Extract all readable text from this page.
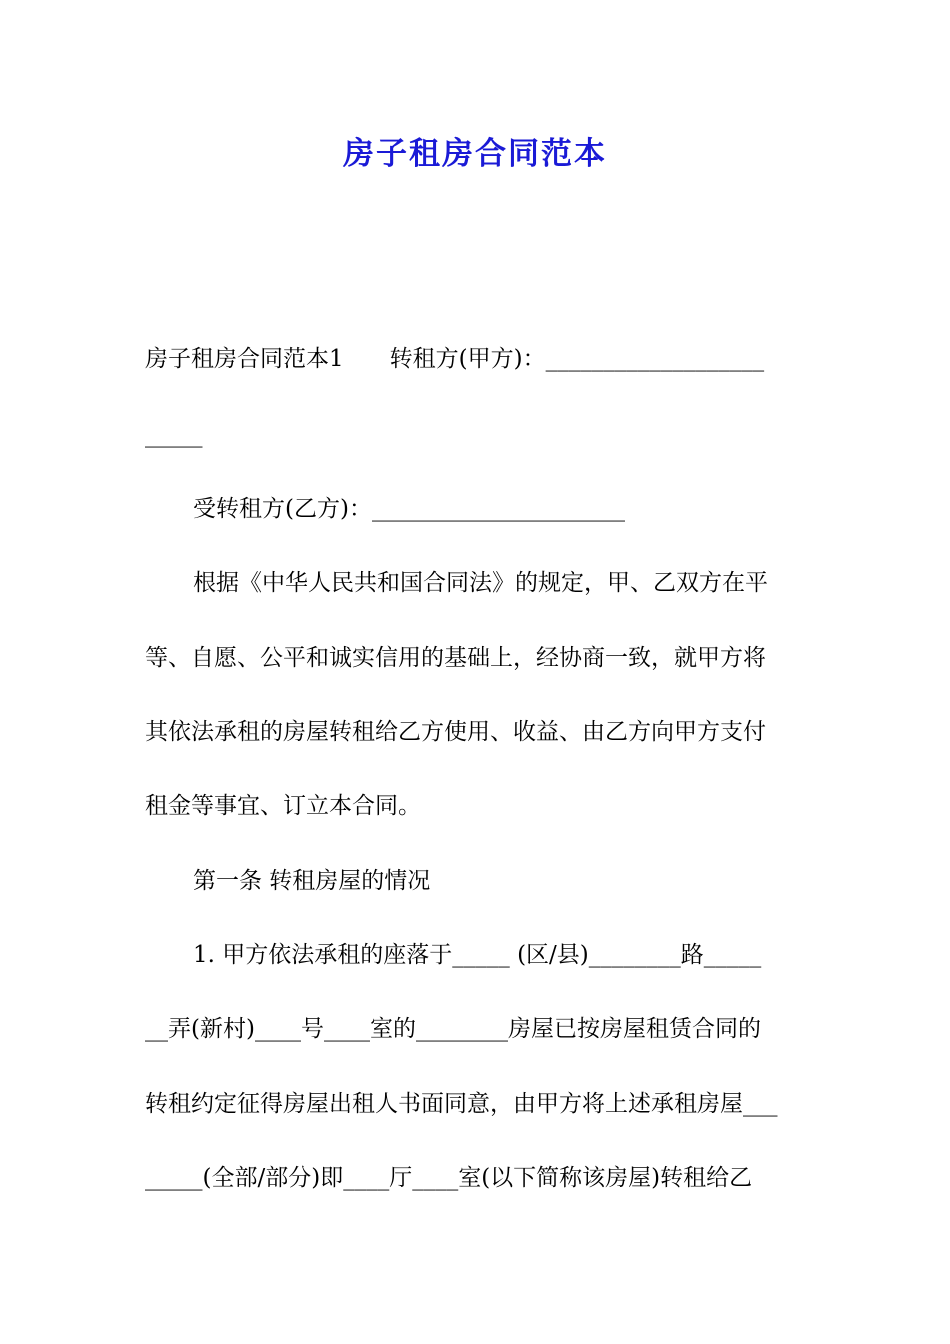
房子租房合同范本
房子租房合同范本1　　转租方(甲方)：___________________
_____
受转租方(乙方)：______________________
根据《中华人民共和国合同法》的规定，甲、乙双方在平
等、自愿、公平和诚实信用的基础上，经协商一致，就甲方将
其依法承租的房屋转租给乙方使用、收益、由乙方向甲方支付
租金等事宜、订立本合同。
第一条 转租房屋的情况
1. 甲方依法承租的座落于_____ (区/县)________路_____
__弄(新村)____号____室的________房屋已按房屋租赁合同的
转租约定征得房屋出租人书面同意，由甲方将上述承租房屋___
_____(全部/部分)即____厅____室(以下简称该房屋)转租给乙
